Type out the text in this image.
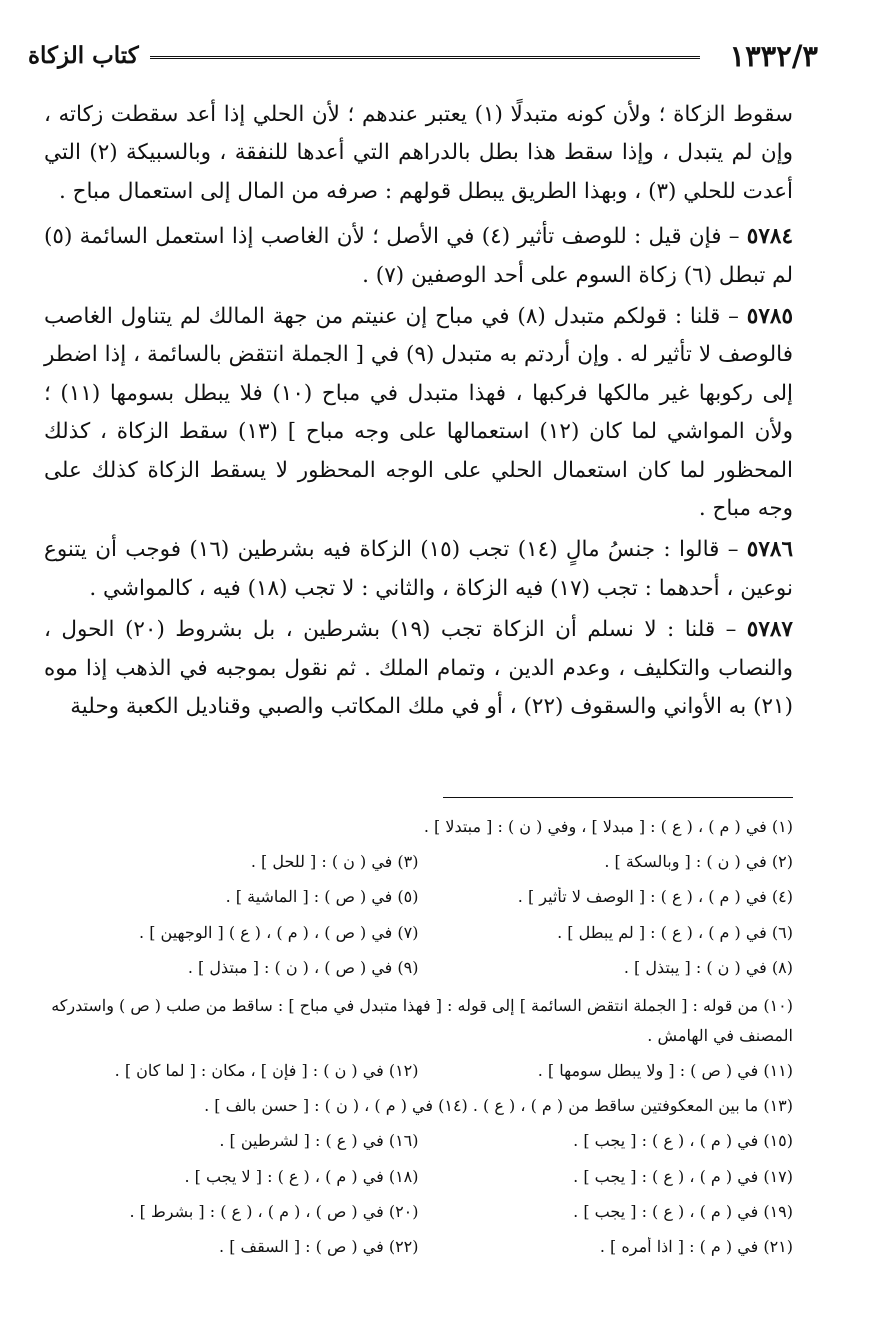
١٣٣٢/٣
كتاب الزكاة

سقوط الزكاة ؛ ولأن كونه متبدلًا (١) يعتبر عندهم ؛ لأن الحلي إذا أعد سقطت زكاته ، وإن لم يتبدل ، وإذا سقط هذا بطل بالدراهم التي أعدها للنفقة ، وبالسبيكة (٢) التي أعدت للحلي (٣) ، وبهذا الطريق يبطل قولهم : صرفه من المال إلى استعمال مباح .

٥٧٨٤ – فإن قيل : للوصف تأثير (٤) في الأصل ؛ لأن الغاصب إذا استعمل السائمة (٥) لم تبطل (٦) زكاة السوم على أحد الوصفين (٧) .

٥٧٨٥ – قلنا : قولكم متبدل (٨) في مباح إن عنيتم من جهة المالك لم يتناول الغاصب فالوصف لا تأثير له . وإن أردتم به متبدل (٩) في [ الجملة انتقض بالسائمة ، إذا اضطر إلى ركوبها غير مالكها فركبها ، فهذا متبدل في مباح (١٠) فلا يبطل بسومها (١١) ؛ ولأن المواشي لما كان (١٢) استعمالها على وجه مباح ] (١٣) سقط الزكاة ، كذلك المحظور لما كان استعمال الحلي على الوجه المحظور لا يسقط الزكاة كذلك على وجه مباح .

٥٧٨٦ – قالوا : جنسُ مالٍ (١٤) تجب (١٥) الزكاة فيه بشرطين (١٦) فوجب أن يتنوع نوعين ، أحدهما : تجب (١٧) فيه الزكاة ، والثاني : لا تجب (١٨) فيه ، كالمواشي .

٥٧٨٧ – قلنا : لا نسلم أن الزكاة تجب (١٩) بشرطين ، بل بشروط (٢٠) الحول ، والنصاب والتكليف ، وعدم الدين ، وتمام الملك . ثم نقول بموجبه في الذهب إذا موه (٢١) به الأواني والسقوف (٢٢) ، أو في ملك المكاتب والصبي وقناديل الكعبة وحلية

(١) في ( م ) ، ( ع ) : [ مبدلا ] ، وفي ( ن ) : [ مبتدلا ] .
(٢) في ( ن ) : [ وبالسكة ] .
(٣) في ( ن ) : [ للحل ] .
(٤) في ( م ) ، ( ع ) : [ الوصف لا تأثير ] .
(٥) في ( ص ) : [ الماشية ] .
(٦) في ( م ) ، ( ع ) : [ لم يبطل ] .
(٧) في ( ص ) ، ( م ) ، ( ع ) [ الوجهين ] .
(٨) في ( ن ) : [ يبتذل ] .
(٩) في ( ص ) ، ( ن ) : [ مبتذل ] .
(١٠) من قوله : [ الجملة انتقض السائمة ] إلى قوله : [ فهذا متبدل في مباح ] : ساقط من صلب ( ص ) واستدركه المصنف في الهامش .
(١١) في ( ص ) : [ ولا يبطل سومها ] .
(١٢) في ( ن ) : [ فإن ] ، مكان : [ لما كان ] .
(١٣) ما بين المعكوفتين ساقط من ( م ) ، ( ع ) . (١٤) في ( م ) ، ( ن ) : [ حسن بالف ] .
(١٥) في ( م ) ، ( ع ) : [ يجب ] .
(١٦) في ( ع ) : [ لشرطين ] .
(١٧) في ( م ) ، ( ع ) : [ يجب ] .
(١٨) في ( م ) ، ( ع ) : [ لا يجب ] .
(١٩) في ( م ) ، ( ع ) : [ يجب ] .
(٢٠) في ( ص ) ، ( م ) ، ( ع ) : [ بشرط ] .
(٢١) في ( م ) : [ اذا أمره ] .
(٢٢) في ( ص ) : [ السقف ] .
